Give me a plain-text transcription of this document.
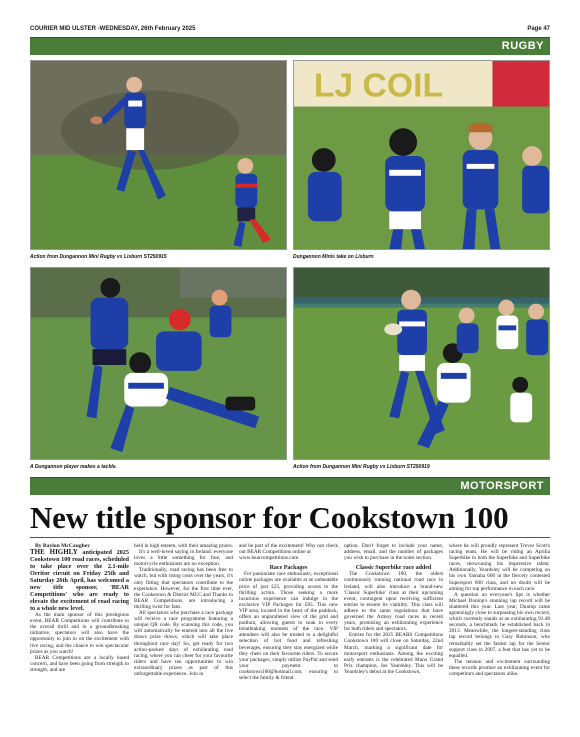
COURIER MID ULSTER -WEDNESDAY, 26th February 2025	Page 47
RUGBY
Action from Dungannon Mini Rugby vs Lisburn ST250915
LJ COIL
Dungannon Minis take on Lisburn
A Dungannon player makes a tackle.	Action from Dungannon Mini Rugby vs Lisburn ST250919
MOTORSPORT
New title sponsor for Cookstown 100

By Baylon McCaughey

THE HIGHLY anticipated 2025 Cookstown 100 road races, scheduled to take place over the 2.1-mile Orritor circuit on Friday 25th and Saturday 26th April, has welcomed a new title sponsor, 'BEAR Competitions' who are ready to elevate the excitement of road racing to a whole new level.

As the main sponsor of this prestigious event, BEAR Competitions will contribute to the overall thrill and in a groundbreaking initiative, spectators will also have the opportunity to join in on the excitement with live racing, and the chance to win spectacular prizes as you watch!

BEAR Competitions are a locally based concern, and have been going from strength to strength, and are

held in high esteem, with their amazing prizes.

It's a well-loved saying in Ireland: everyone loves a little something for free, and motorcycle enthusiasts are no exception.

Traditionally, road racing has been free to watch, but with rising costs over the years, it's only fitting that spectators contribute to the experience. However, for the first time ever, the Cookstown & District MCC and Thanks to BEAR Competitions, are introducing a thrilling twist for fans.

All spectators who purchase a race package will receive a race programme featuring a unique QR code. By scanning this code, you will automatically be entered into all the live draws prize draws, which will take place throughout race day! So, get ready for two action-packed days of exhilarating road racing, where you can cheer for your favourite riders and have ten opportunities to win extraordinary prizes as part of this unforgettable experience. Join in

and be part of the excitement! Why not check out BEAR Competitions online at

www.bearcompetitions.com

Race Packages

For passionate race enthusiasts, exceptional online packages are available at an unbeatable price of just £25, providing access to the thrilling action. Those seeking a more luxurious experience can indulge in the exclusive VIP Packages for £85. This new VIP area, located in the heart of the paddock, offers an unparalleled view of the grid and podium, allowing guests to soak in every breathtaking moment of the race. VIP attendees will also be treated to a delightful selection of hot food and refreshing beverages, ensuring they stay energized while they cheer on their favourite riders. To secure your packages, simply utilize PayPal and send your payment to cookstown100@hotmail.com, ensuring to select the family & friend

option. Don't forget to include your name, address, email, and the number of packages you wish to purchase in the notes section.

Classic Superbike race added

The Cookstown 100, the oldest continuously running national road race in Ireland, will also introduce a brand-new 'Classic Superbike' class at their upcoming event, contingent upon receiving sufficient entries to ensure its viability. This class will adhere to the same regulations that have governed the Armoy road races in recent years, promising an exhilarating experience for both riders and spectators.

Entries for the 2025 BEARS Competitions Cookstown 100 will close on Saturday, 22nd March, marking a significant date for motorsport enthusiasts. Among the exciting early entrants is the celebrated Manx Grand Prix champion, Joe Yeardsley. This will be Yeardsley's debut at the Cookstown,

where he will proudly represent Trevor Scott's racing team. He will be riding an Aprilia Superbike in both the Superbike and Superbike races, showcasing his impressive talent. Additionally, Yeardsley will be competing on his own Yamaha 600 in the fiercely contested Supersport 600 class, and no doubt will be aiming for top performance in each race.

A question on everyone's lips is whether Michael Dunlop's stunning lap record will be shattered this year. Last year, Dunlop came agonizingly close to surpassing his own record, which currently stands at an exhilarating 91.48 seconds, a benchmark he established back in 2013. Meanwhile, the longest-standing class lap record belongs to Gary Robinson, who remarkably set the fastest lap for the Senior support class in 2007, a feat that has yet to be equalled.

The tension and excitement surrounding these records promise an exhilarating event for competitors and spectators alike.
